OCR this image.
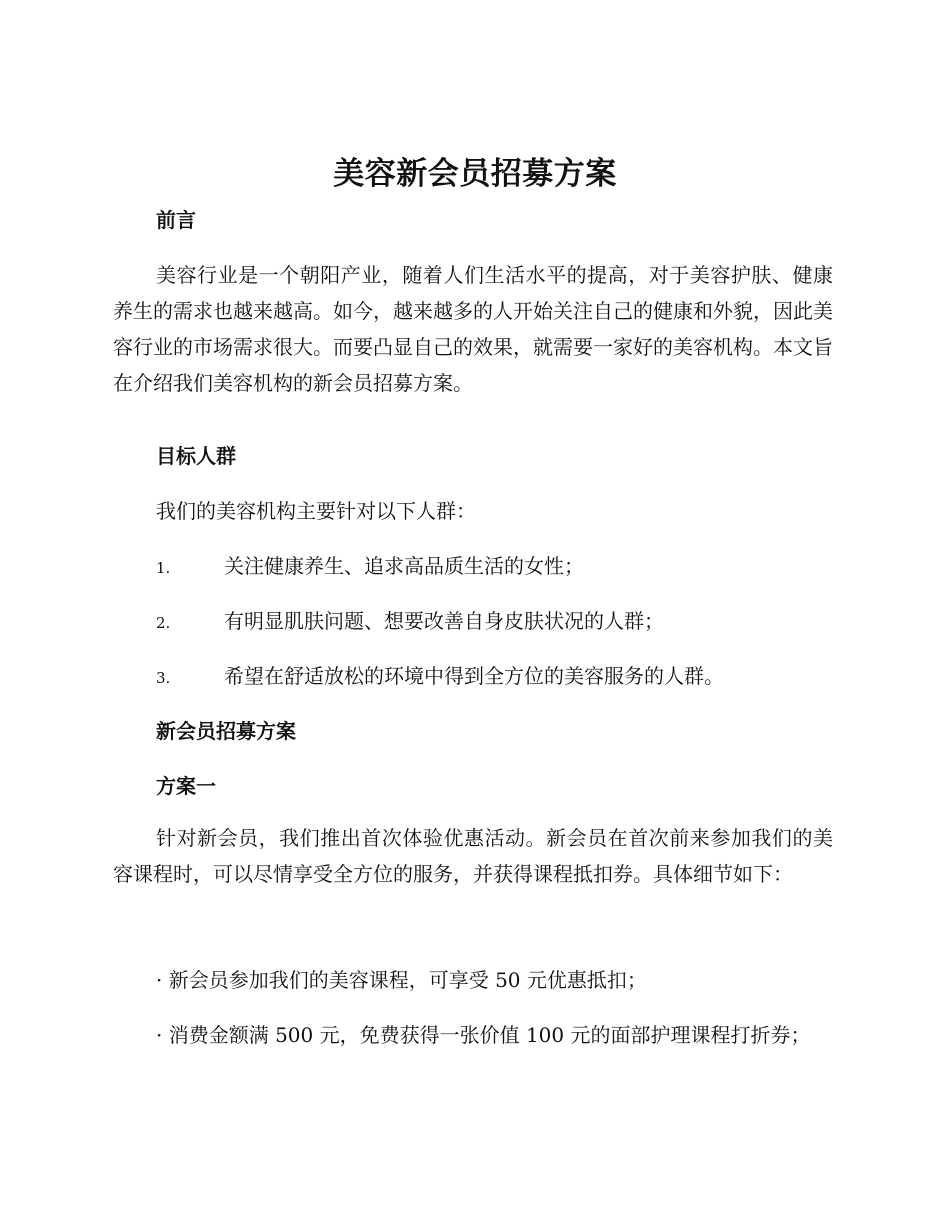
美容新会员招募方案
前言
美容行业是一个朝阳产业，随着人们生活水平的提高，对于美容护肤、健康养生的需求也越来越高。如今，越来越多的人开始关注自己的健康和外貌，因此美容行业的市场需求很大。而要凸显自己的效果，就需要一家好的美容机构。本文旨在介绍我们美容机构的新会员招募方案。
目标人群
我们的美容机构主要针对以下人群：
1.	关注健康养生、追求高品质生活的女性；
2.	有明显肌肤问题、想要改善自身皮肤状况的人群；
3.	希望在舒适放松的环境中得到全方位的美容服务的人群。
新会员招募方案
方案一
针对新会员，我们推出首次体验优惠活动。新会员在首次前来参加我们的美容课程时，可以尽情享受全方位的服务，并获得课程抵扣券。具体细节如下：
· 新会员参加我们的美容课程，可享受 50 元优惠抵扣；
· 消费金额满 500 元，免费获得一张价值 100 元的面部护理课程打折券；
